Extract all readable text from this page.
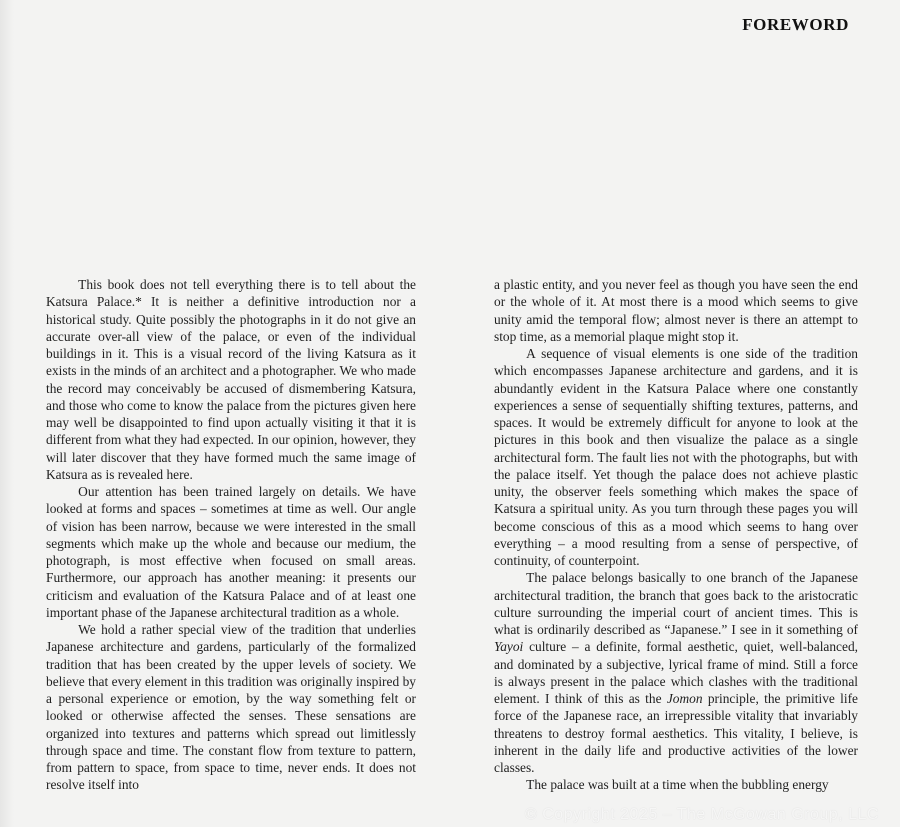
FOREWORD

This book does not tell everything there is to tell about the Katsura Palace.* It is neither a definitive introduction nor a historical study. Quite possibly the photographs in it do not give an accurate over-all view of the palace, or even of the individual buildings in it. This is a visual record of the living Katsura as it exists in the minds of an architect and a photographer. We who made the record may conceivably be accused of dismembering Katsura, and those who come to know the palace from the pictures given here may well be disappointed to find upon actually visiting it that it is different from what they had expected. In our opinion, however, they will later discover that they have formed much the same image of Katsura as is revealed here.

Our attention has been trained largely on details. We have looked at forms and spaces – sometimes at time as well. Our angle of vision has been narrow, because we were interested in the small segments which make up the whole and because our medium, the photograph, is most effective when focused on small areas. Furthermore, our approach has another meaning: it presents our criticism and evaluation of the Katsura Palace and of at least one important phase of the Japanese architectural tradition as a whole.

We hold a rather special view of the tradition that underlies Japanese architecture and gardens, particularly of the formalized tradition that has been created by the upper levels of society. We believe that every element in this tradition was originally inspired by a personal experience or emotion, by the way something felt or looked or otherwise affected the senses. These sensations are organized into textures and patterns which spread out limitlessly through space and time. The constant flow from texture to pattern, from pattern to space, from space to time, never ends. It does not resolve itself into

a plastic entity, and you never feel as though you have seen the end or the whole of it. At most there is a mood which seems to give unity amid the temporal flow; almost never is there an attempt to stop time, as a memorial plaque might stop it.

A sequence of visual elements is one side of the tradition which encompasses Japanese architecture and gardens, and it is abundantly evident in the Katsura Palace where one constantly experiences a sense of sequentially shifting textures, patterns, and spaces. It would be extremely difficult for anyone to look at the pictures in this book and then visualize the palace as a single architectural form. The fault lies not with the photographs, but with the palace itself. Yet though the palace does not achieve plastic unity, the observer feels something which makes the space of Katsura a spiritual unity. As you turn through these pages you will become conscious of this as a mood which seems to hang over everything – a mood resulting from a sense of perspective, of continuity, of counterpoint.

The palace belongs basically to one branch of the Japanese architectural tradition, the branch that goes back to the aristocratic culture surrounding the imperial court of ancient times. This is what is ordinarily described as “Japanese.” I see in it something of Yayoi culture – a definite, formal aesthetic, quiet, well-balanced, and dominated by a subjective, lyrical frame of mind. Still a force is always present in the palace which clashes with the traditional element. I think of this as the Jomon principle, the primitive life force of the Japanese race, an irrepressible vitality that invariably threatens to destroy formal aesthetics. This vitality, I believe, is inherent in the daily life and productive activities of the lower classes.

The palace was built at a time when the bubbling energy

© Copyright 2025 – The McGowan Group, LLC
